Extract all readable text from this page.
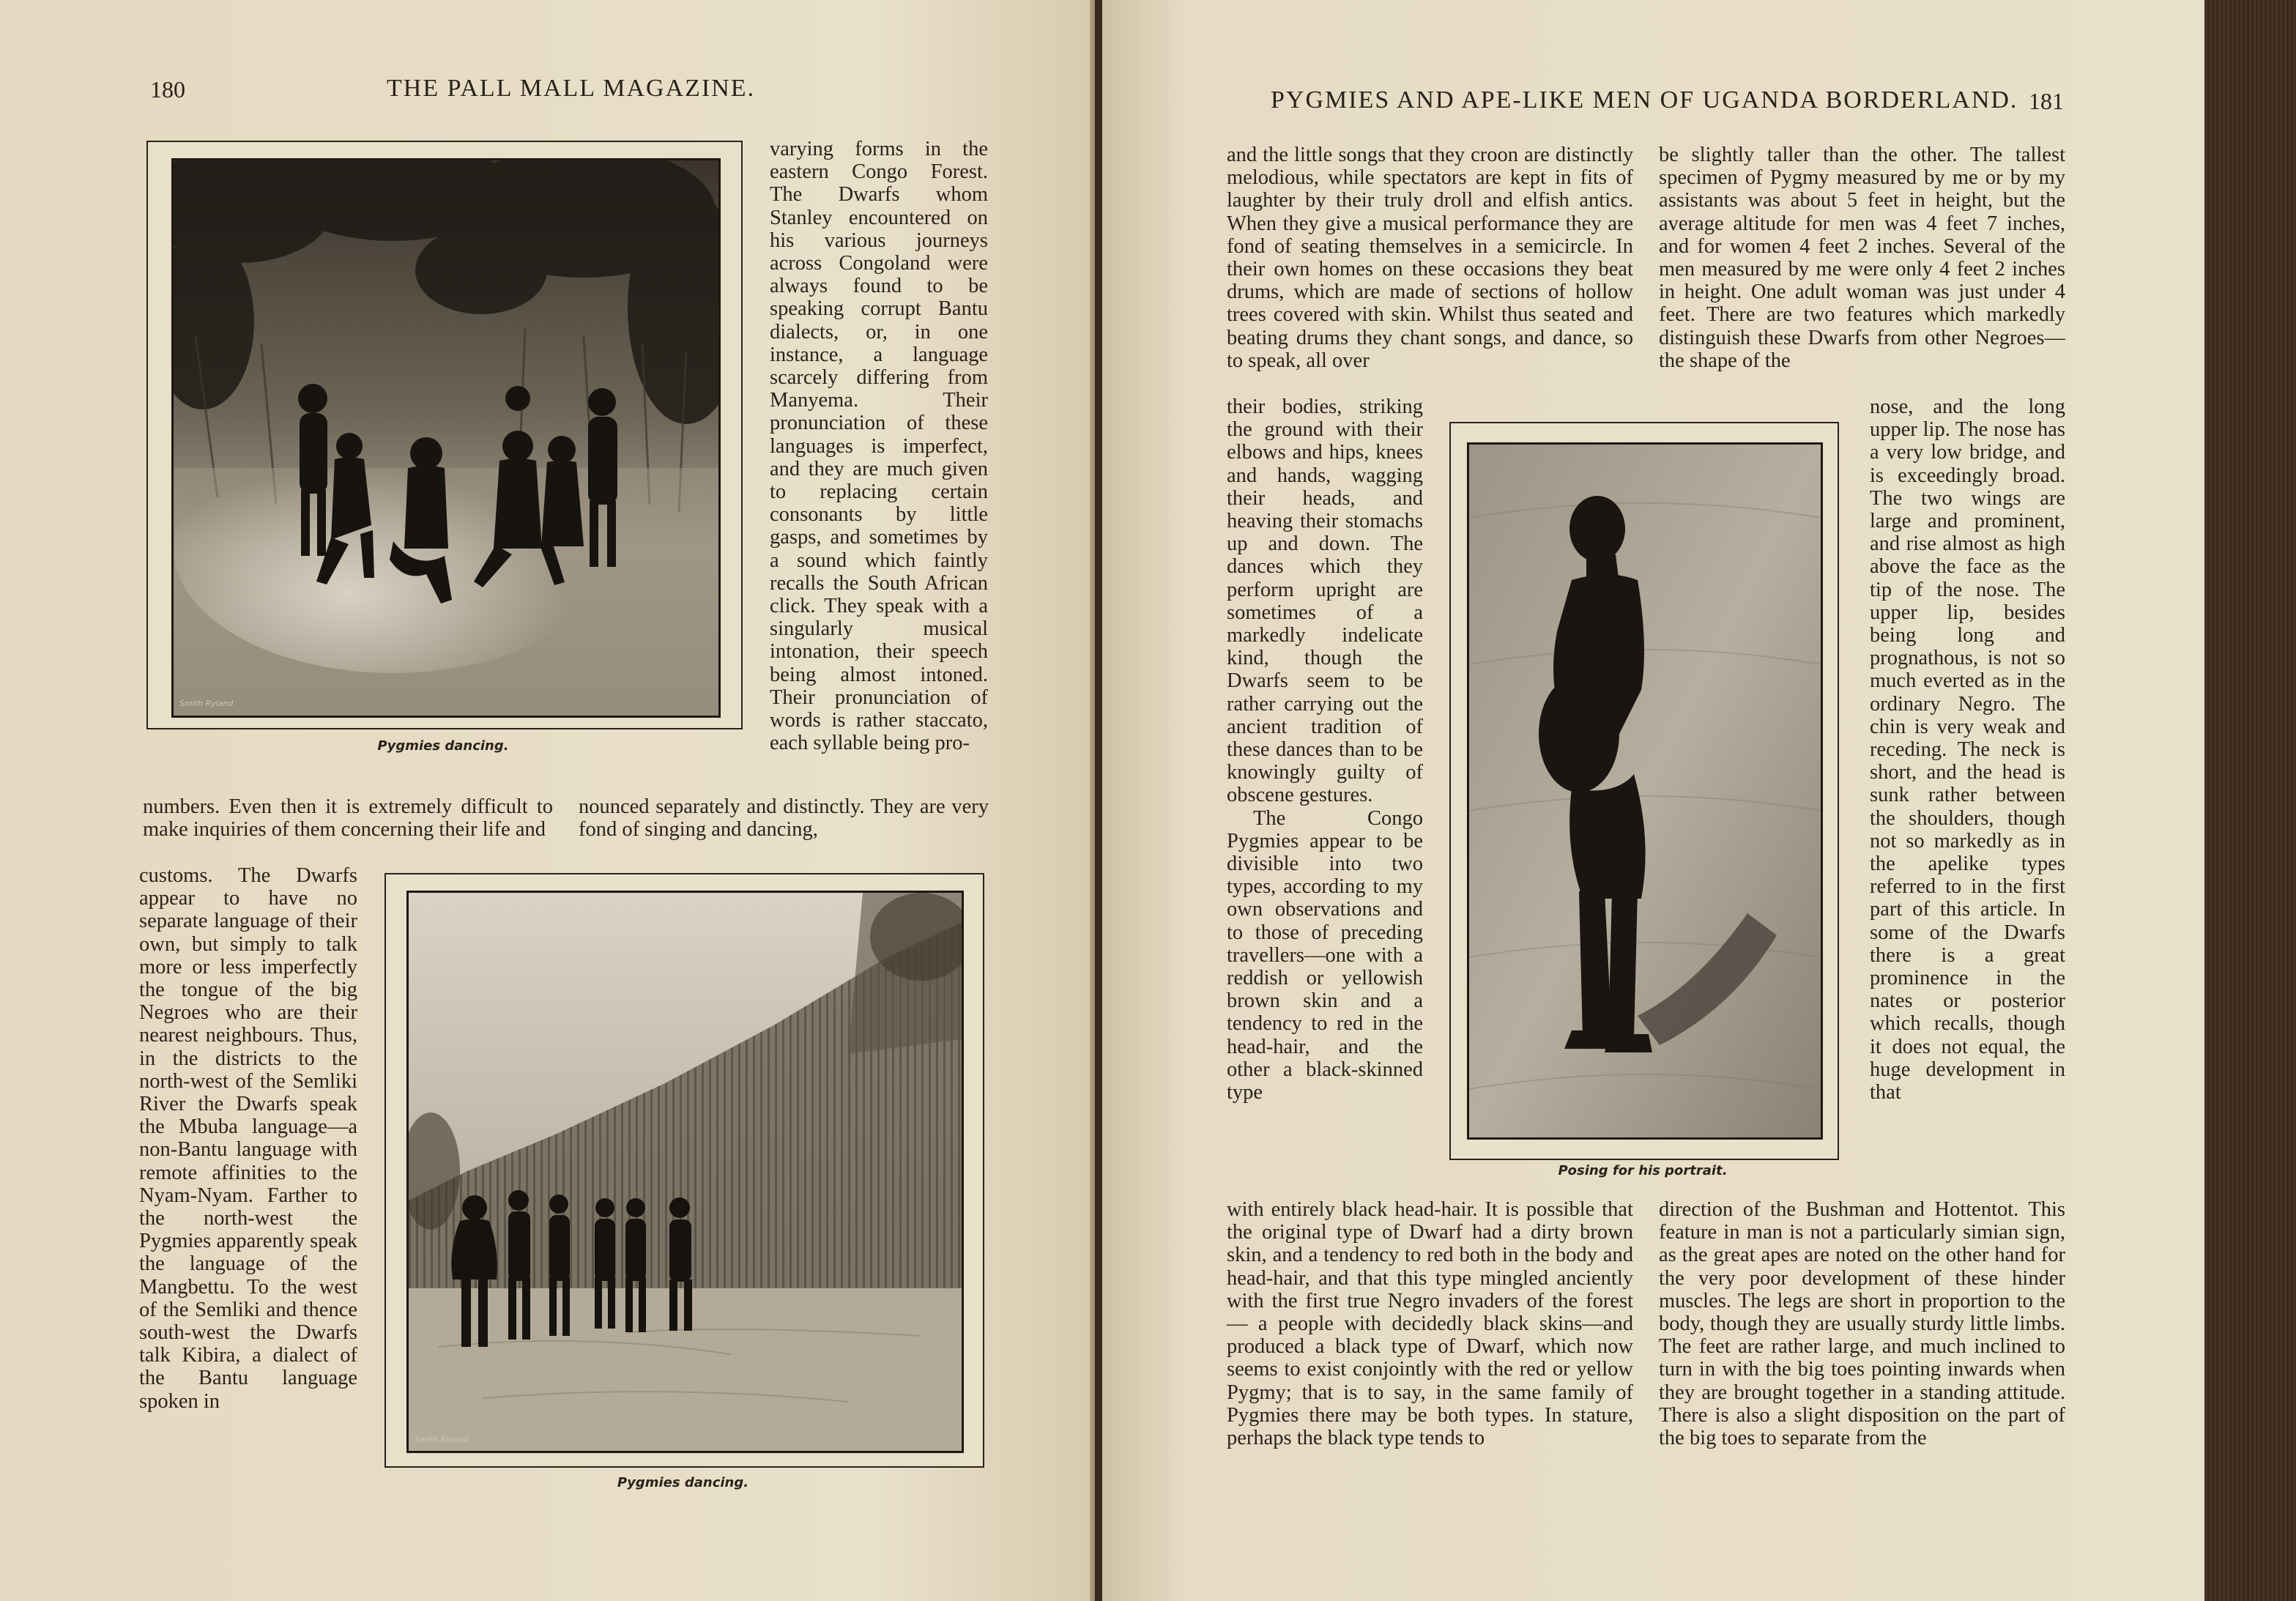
180	THE PALL MALL MAGAZINE.
Smith Ryland
Pygmies dancing.

varying forms in the eastern Congo Forest. The Dwarfs whom Stanley encountered on his various journeys across Congoland were always found to be speaking corrupt Bantu dialects, or, in one instance, a language scarcely differing from Manyema. Their pronunciation of these languages is imperfect, and they are much given to replacing certain consonants by little gasps, and sometimes by a sound which faintly recalls the South African click. They speak with a singularly musical intonation, their speech being almost intoned. Their pronunciation of words is rather staccato, each syllable being pro-

numbers. Even then it is extremely difficult to make inquiries of them concerning their life and

nounced separately and distinctly. They are very fond of singing and dancing,

customs. The Dwarfs appear to have no separate language of their own, but simply to talk more or less imperfectly the tongue of the big Negroes who are their nearest neighbours. Thus, in the districts to the north-west of the Semliki River the Dwarfs speak the Mbuba language—a non-Bantu language with remote affinities to the Nyam-Nyam. Farther to the north-west the Pygmies apparently speak the language of the Mangbettu. To the west of the Semliki and thence south-west the Dwarfs talk Kibira, a dialect of the Bantu language spoken in

Smith Ryland
Pygmies dancing.
PYGMIES AND APE-LIKE MEN OF UGANDA BORDERLAND. 181

and the little songs that they croon are distinctly melodious, while spectators are kept in fits of laughter by their truly droll and elfish antics. When they give a musical performance they are fond of seating themselves in a semicircle. In their own homes on these occasions they beat drums, which are made of sections of hollow trees covered with skin. Whilst thus seated and beating drums they chant songs, and dance, so to speak, all over

their bodies, striking the ground with their elbows and hips, knees and hands, wagging their heads, and heaving their stomachs up and down. The dances which they perform upright are sometimes of a markedly indelicate kind, though the Dwarfs seem to be rather carrying out the ancient tradition of these dances than to be knowingly guilty of obscene gestures.

The Congo Pygmies appear to be divisible into two types, according to my own observations and to those of preceding travellers—one with a reddish or yellowish brown skin and a tendency to red in the head-hair, and the other a black-skinned type

with entirely black head-hair. It is possible that the original type of Dwarf had a dirty brown skin, and a tendency to red both in the body and head-hair, and that this type mingled anciently with the first true Negro invaders of the forest — a people with decidedly black skins—and produced a black type of Dwarf, which now seems to exist conjointly with the red or yellow Pygmy; that is to say, in the same family of Pygmies there may be both types. In stature, perhaps the black type tends to

be slightly taller than the other. The tallest specimen of Pygmy measured by me or by my assistants was about 5 feet in height, but the average altitude for men was 4 feet 7 inches, and for women 4 feet 2 inches. Several of the men measured by me were only 4 feet 2 inches in height. One adult woman was just under 4 feet. There are two features which markedly distinguish these Dwarfs from other Negroes—the shape of the

nose, and the long upper lip. The nose has a very low bridge, and is exceedingly broad. The two wings are large and prominent, and rise almost as high above the face as the tip of the nose. The upper lip, besides being long and prognathous, is not so much everted as in the ordinary Negro. The chin is very weak and receding. The neck is short, and the head is sunk rather between the shoulders, though not so markedly as in the apelike types referred to in the first part of this article. In some of the Dwarfs there is a great prominence in the nates or posterior which recalls, though it does not equal, the huge development in that

direction of the Bushman and Hottentot. This feature in man is not a particularly simian sign, as the great apes are noted on the other hand for the very poor development of these hinder muscles. The legs are short in proportion to the body, though they are usually sturdy little limbs. The feet are rather large, and much inclined to turn in with the big toes pointing inwards when they are brought together in a standing attitude. There is also a slight disposition on the part of the big toes to separate from the

Posing for his portrait.
